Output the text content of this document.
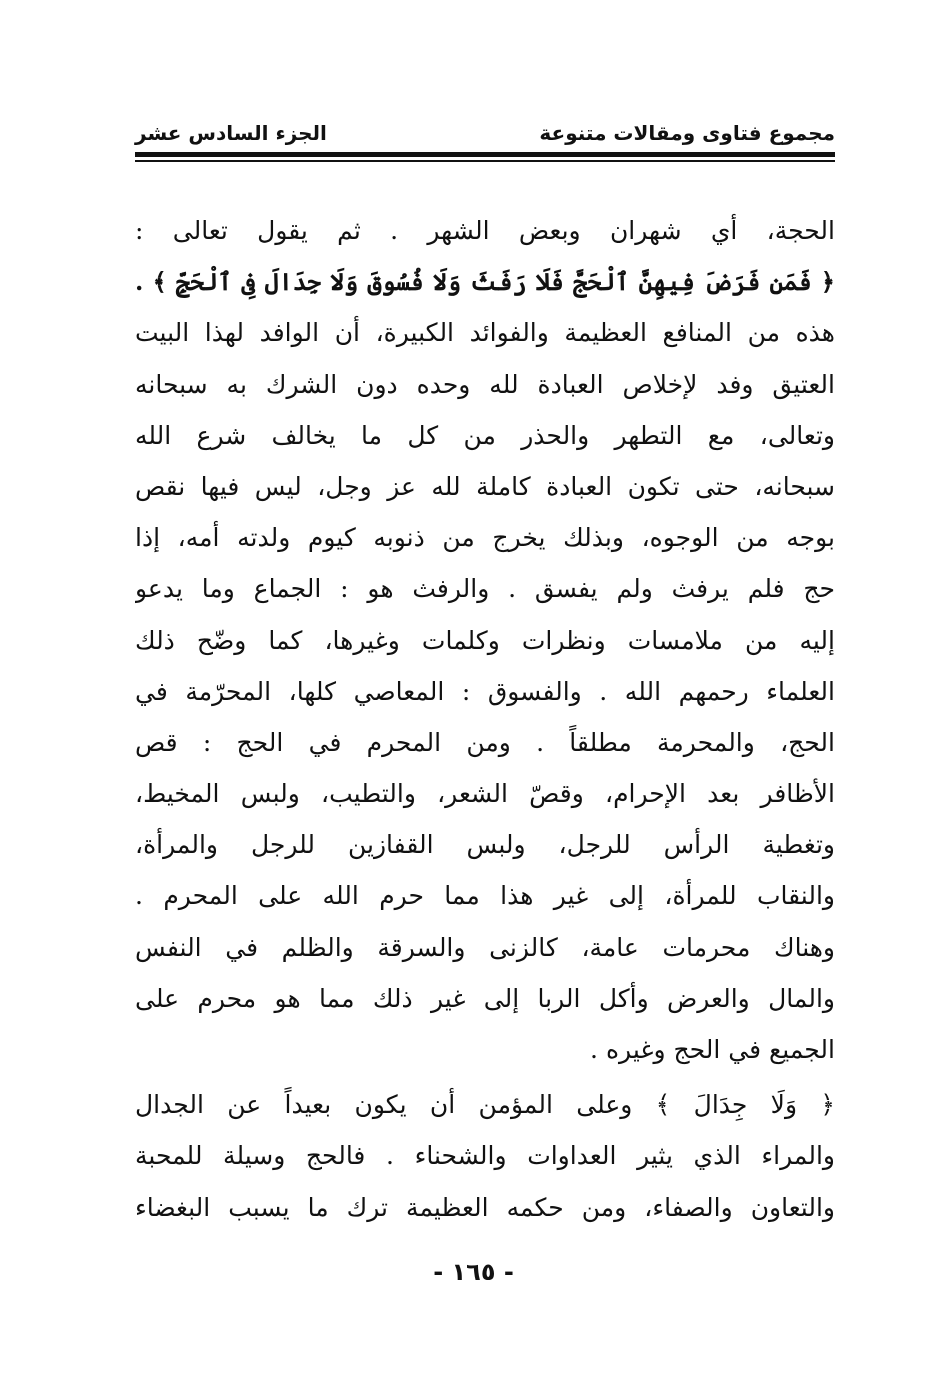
مجموع فتاوى ومقالات متنوعة
الجزء السادس عشر
الحجة، أي شهران وبعض الشهر . ثم يقول تعالى :
﴿ فَمَن فَرَضَ فِيهِنَّ ٱلْحَجَّ فَلَا رَفَثَ وَلَا فُسُوقَ وَلَا جِدَالَ فِى ٱلْحَجِّ ﴾ .
هذه من المنافع العظيمة والفوائد الكبيرة، أن الوافد لهذا البيت
العتيق وفد لإخلاص العبادة لله وحده دون الشرك به سبحانه
وتعالى، مع التطهر والحذر من كل ما يخالف شرع الله
سبحانه، حتى تكون العبادة كاملة لله عز وجل، ليس فيها نقص
بوجه من الوجوه، وبذلك يخرج من ذنوبه كيوم ولدته أمه، إذا
حج فلم يرفث ولم يفسق . والرفث هو : الجماع وما يدعو
إليه من ملامسات ونظرات وكلمات وغيرها، كما وضّح ذلك
العلماء رحمهم الله . والفسوق : المعاصي كلها، المحرّمة في
الحج، والمحرمة مطلقاً . ومن المحرم في الحج : قص
الأظافر بعد الإحرام، وقصّ الشعر، والتطيب، ولبس المخيط،
وتغطية الرأس للرجل، ولبس القفازين للرجل والمرأة،
والنقاب للمرأة، إلى غير هذا مما حرم الله على المحرم .
وهناك محرمات عامة، كالزنى والسرقة والظلم في النفس
والمال والعرض وأكل الربا إلى غير ذلك مما هو محرم على
الجميع في الحج وغيره .
﴿ وَلَا جِدَالَ ﴾ وعلى المؤمن أن يكون بعيداً عن الجدال
والمراء الذي يثير العداوات والشحناء . فالحج وسيلة للمحبة
والتعاون والصفاء، ومن حكمه العظيمة ترك ما يسبب البغضاء
- ١٦٥ -
